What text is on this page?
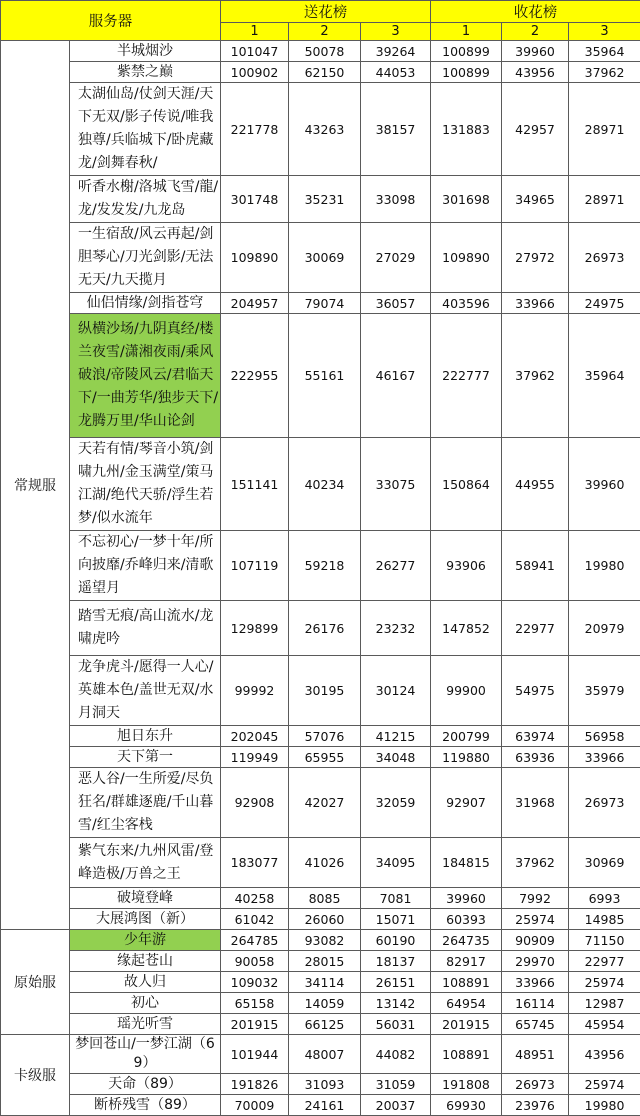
服务器		送花榜			收花榜		
		1	2	3	1	2	3
常规服	半城烟沙	101047	50078	39264	100899	39960	35964
	紫禁之巅	100902	62150	44053	100899	43956	37962
	太湖仙岛/仗剑天涯/天下无双/影子传说/唯我独尊/兵临城下/卧虎藏龙/剑舞春秋/	221778	43263	38157	131883	42957	28971
	听香水榭/洛城飞雪/龍/龙/发发发/九龙岛	301748	35231	33098	301698	34965	28971
	一生宿敌/风云再起/剑胆琴心/刀光剑影/无法无天/九天揽月	109890	30069	27029	109890	27972	26973
	仙侣情缘/剑指苍穹	204957	79074	36057	403596	33966	24975
	纵横沙场/九阴真经/楼兰夜雪/潇湘夜雨/乘风破浪/帝陵风云/君临天下/一曲芳华/独步天下/龙腾万里/华山论剑	222955	55161	46167	222777	37962	35964
	天若有情/琴音小筑/剑啸九州/金玉满堂/策马江湖/绝代天骄/浮生若梦/似水流年	151141	40234	33075	150864	44955	39960
	不忘初心/一梦十年/所向披靡/乔峰归来/清歌遥望月	107119	59218	26277	93906	58941	19980
	踏雪无痕/高山流水/龙啸虎吟	129899	26176	23232	147852	22977	20979
	龙争虎斗/愿得一人心/英雄本色/盖世无双/水月洞天	99992	30195	30124	99900	54975	35979
	旭日东升	202045	57076	41215	200799	63974	56958
	天下第一	119949	65955	34048	119880	63936	33966
	恶人谷/一生所爱/尽负狂名/群雄逐鹿/千山暮雪/红尘客栈	92908	42027	32059	92907	31968	26973
	紫气东来/九州风雷/登峰造极/万兽之王	183077	41026	34095	184815	37962	30969
	破境登峰	40258	8085	7081	39960	7992	6993
	大展鸿图（新）	61042	26060	15071	60393	25974	14985
原始服	少年游	264785	93082	60190	264735	90909	71150
	缘起苍山	90058	28015	18137	82917	29970	22977
	故人归	109032	34114	26151	108891	33966	25974
	初心	65158	14059	13142	64954	16114	12987
	瑶光听雪	201915	66125	56031	201915	65745	45954
卡级服	梦回苍山/一梦江湖（69）	101944	48007	44082	108891	48951	43956
	天命（89）	191826	31093	31059	191808	26973	25974
	断桥残雪（89）	70009	24161	20037	69930	23976	19980
